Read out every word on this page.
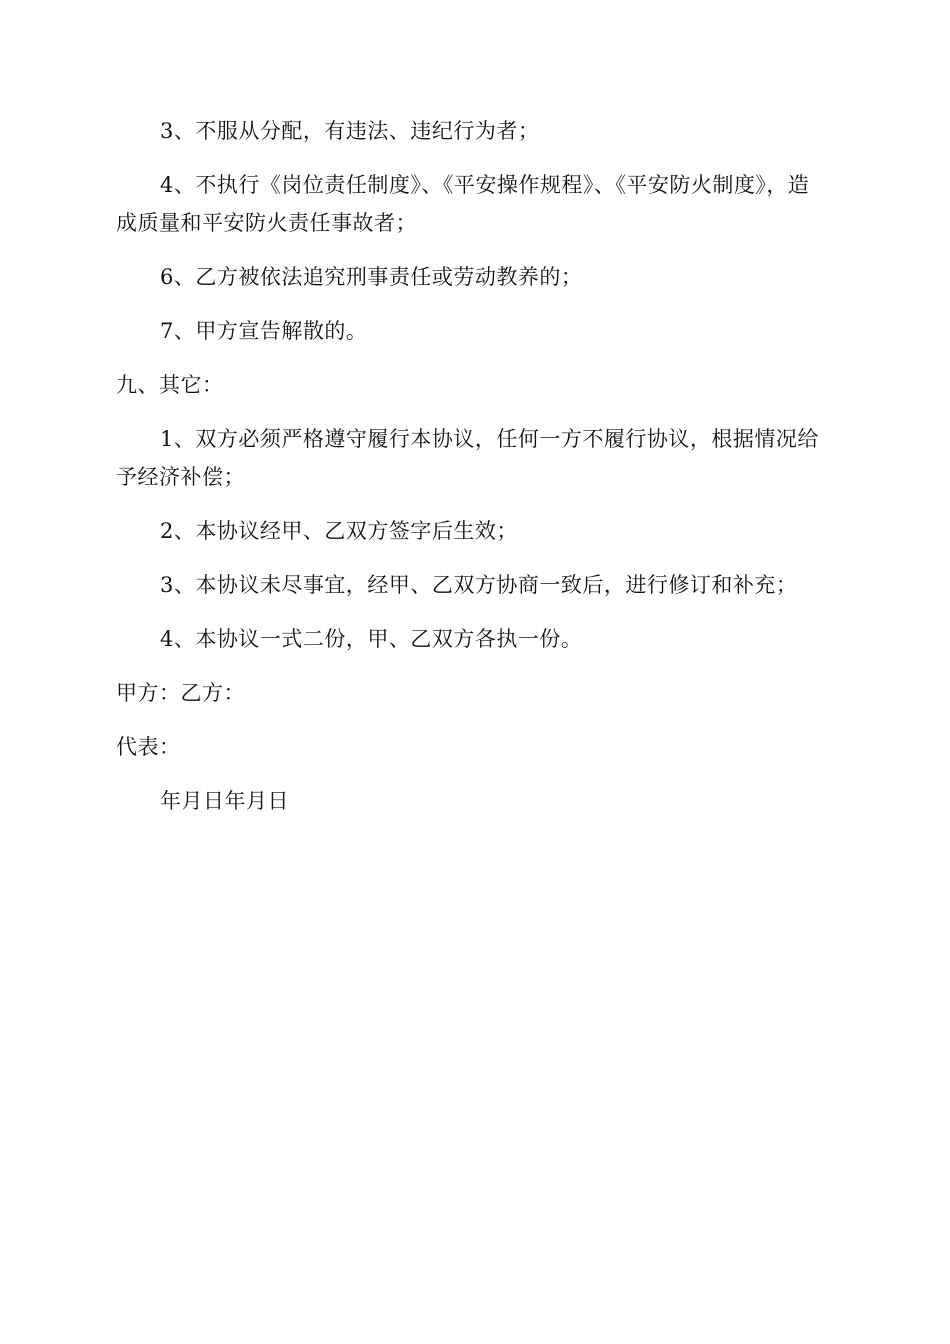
3、不服从分配，有违法、违纪行为者；

4、不执行《岗位责任制度》、《平安操作规程》、《平安防火制度》，造成质量和平安防火责任事故者；

6、乙方被依法追究刑事责任或劳动教养的；

7、甲方宣告解散的。

九、其它：

1、双方必须严格遵守履行本协议，任何一方不履行协议，根据情况给予经济补偿；

2、本协议经甲、乙双方签字后生效；

3、本协议未尽事宜，经甲、乙双方协商一致后，进行修订和补充；

4、本协议一式二份，甲、乙双方各执一份。

甲方：乙方：

代表：

年月日年月日
